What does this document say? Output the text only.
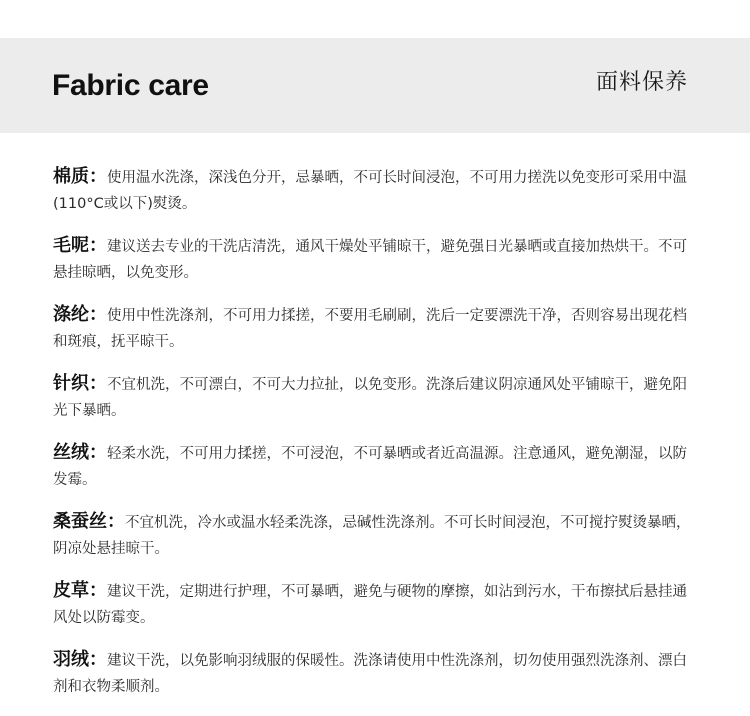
Fabric care	面料保养

棉质：使用温水洗涤，深浅色分开，忌暴晒，不可长时间浸泡，不可用力搓洗以免变形可采用中温(110°C或以下)熨烫。

毛呢：建议送去专业的干洗店清洗，通风干燥处平铺晾干，避免强日光暴晒或直接加热烘干。不可悬挂晾晒，以免变形。

涤纶：使用中性洗涤剂，不可用力揉搓，不要用毛刷刷，洗后一定要漂洗干净，否则容易出现花档和斑痕，抚平晾干。

针织：不宜机洗，不可漂白，不可大力拉扯，以免变形。洗涤后建议阴凉通风处平铺晾干，避免阳光下暴晒。

丝绒：轻柔水洗，不可用力揉搓，不可浸泡，不可暴晒或者近高温源。注意通风，避免潮湿，以防发霉。

桑蚕丝：不宜机洗，冷水或温水轻柔洗涤，忌碱性洗涤剂。不可长时间浸泡，不可搅拧熨烫暴晒，阴凉处悬挂晾干。

皮草：建议干洗，定期进行护理，不可暴晒，避免与硬物的摩擦，如沾到污水，干布擦拭后悬挂通风处以防霉变。

羽绒：建议干洗，以免影响羽绒服的保暖性。洗涤请使用中性洗涤剂，切勿使用强烈洗涤剂、漂白剂和衣物柔顺剂。
